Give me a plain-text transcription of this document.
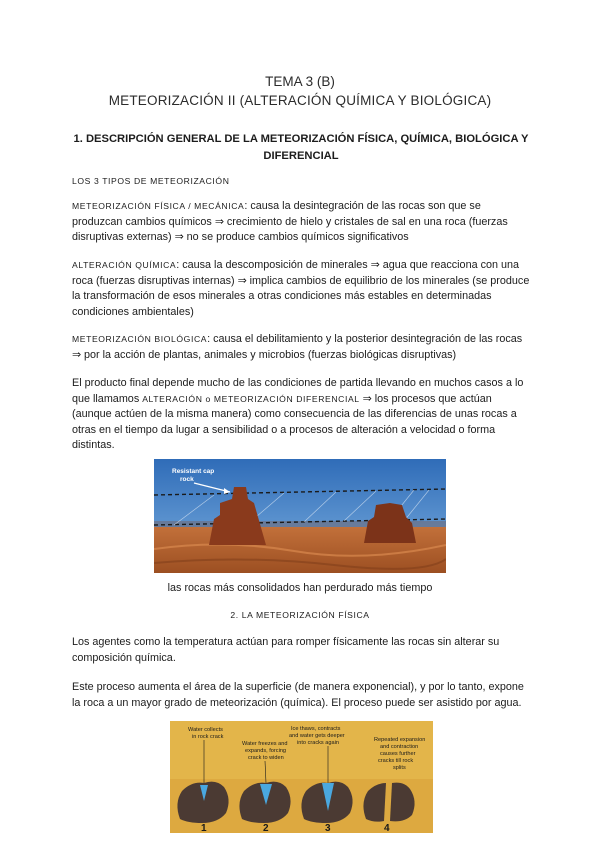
TEMA 3 (B)
METEORIZACIÓN II (ALTERACIÓN QUÍMICA Y BIOLÓGICA)
1. DESCRIPCIÓN GENERAL DE LA METEORIZACIÓN FÍSICA, QUÍMICA, BIOLÓGICA Y DIFERENCIAL
LOS 3 TIPOS DE METEORIZACIÓN
METEORIZACIÓN FÍSICA / MECÁNICA: causa la desintegración de las rocas son que se produzcan cambios químicos ⇒ crecimiento de hielo y cristales de sal en una roca (fuerzas disruptivas externas) ⇒ no se produce cambios químicos significativos
ALTERACIÓN QUÍMICA: causa la descomposición de minerales ⇒ agua que reacciona con una roca (fuerzas disruptivas internas) ⇒ implica cambios de equilibrio de los minerales (se produce la transformación de esos minerales a otras condiciones más estables en determinadas condiciones ambientales)
METEORIZACIÓN BIOLÓGICA: causa el debilitamiento y la posterior desintegración de las rocas ⇒ por la acción de plantas, animales y microbios (fuerzas biológicas disruptivas)
El producto final depende mucho de las condiciones de partida llevando en muchos casos a lo que llamamos ALTERACIÓN o METEORIZACIÓN DIFERENCIAL ⇒ los procesos que actúan (aunque actúen de la misma manera) como consecuencia de las diferencias de unas rocas a otras en el tiempo da lugar a sensibilidad o a procesos de alteración a velocidad o forma distintas.
Resistant cap
rock
las rocas más consolidados han perdurado más tiempo
2. LA METEORIZACIÓN FÍSICA
Los agentes como la temperatura actúan para romper físicamente las rocas sin alterar su composición química.
Este proceso aumenta el área de la superficie (de manera exponencial), y por lo tanto, expone la roca a un mayor grado de meteorización (química). El proceso puede ser asistido por agua.
Water collects
in rock crack
Water freezes and
expands, forcing
crack to widen
Ice thaws, contracts
and water gets deeper
into cracks again	Repeated expansion
and contraction
causes further
cracks till rock
splits
1	2	3	4
